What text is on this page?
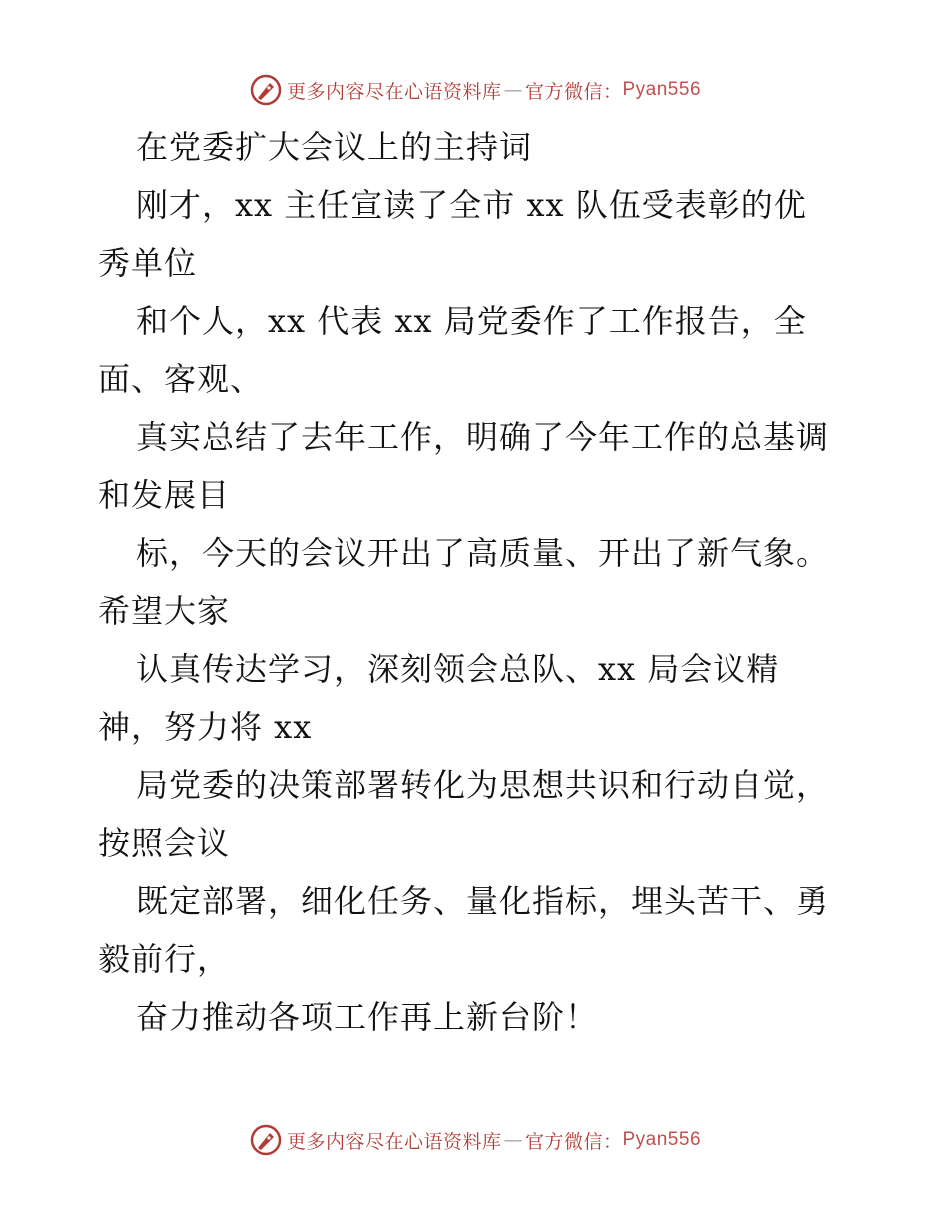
更多内容尽在心语资料库 — 官方微信： Pyan556
在党委扩大会议上的主持词
刚才，xx 主任宣读了全市 xx 队伍受表彰的优
秀单位
和个人，xx 代表 xx 局党委作了工作报告，全
面、客观、
真实总结了去年工作，明确了今年工作的总基调
和发展目
标，今天的会议开出了高质量、开出了新气象。
希望大家
认真传达学习，深刻领会总队、xx 局会议精
神，努力将 xx
局党委的决策部署转化为思想共识和行动自觉，
按照会议
既定部署，细化任务、量化指标，埋头苦干、勇
毅前行，
奋力推动各项工作再上新台阶！
更多内容尽在心语资料库 — 官方微信： Pyan556
